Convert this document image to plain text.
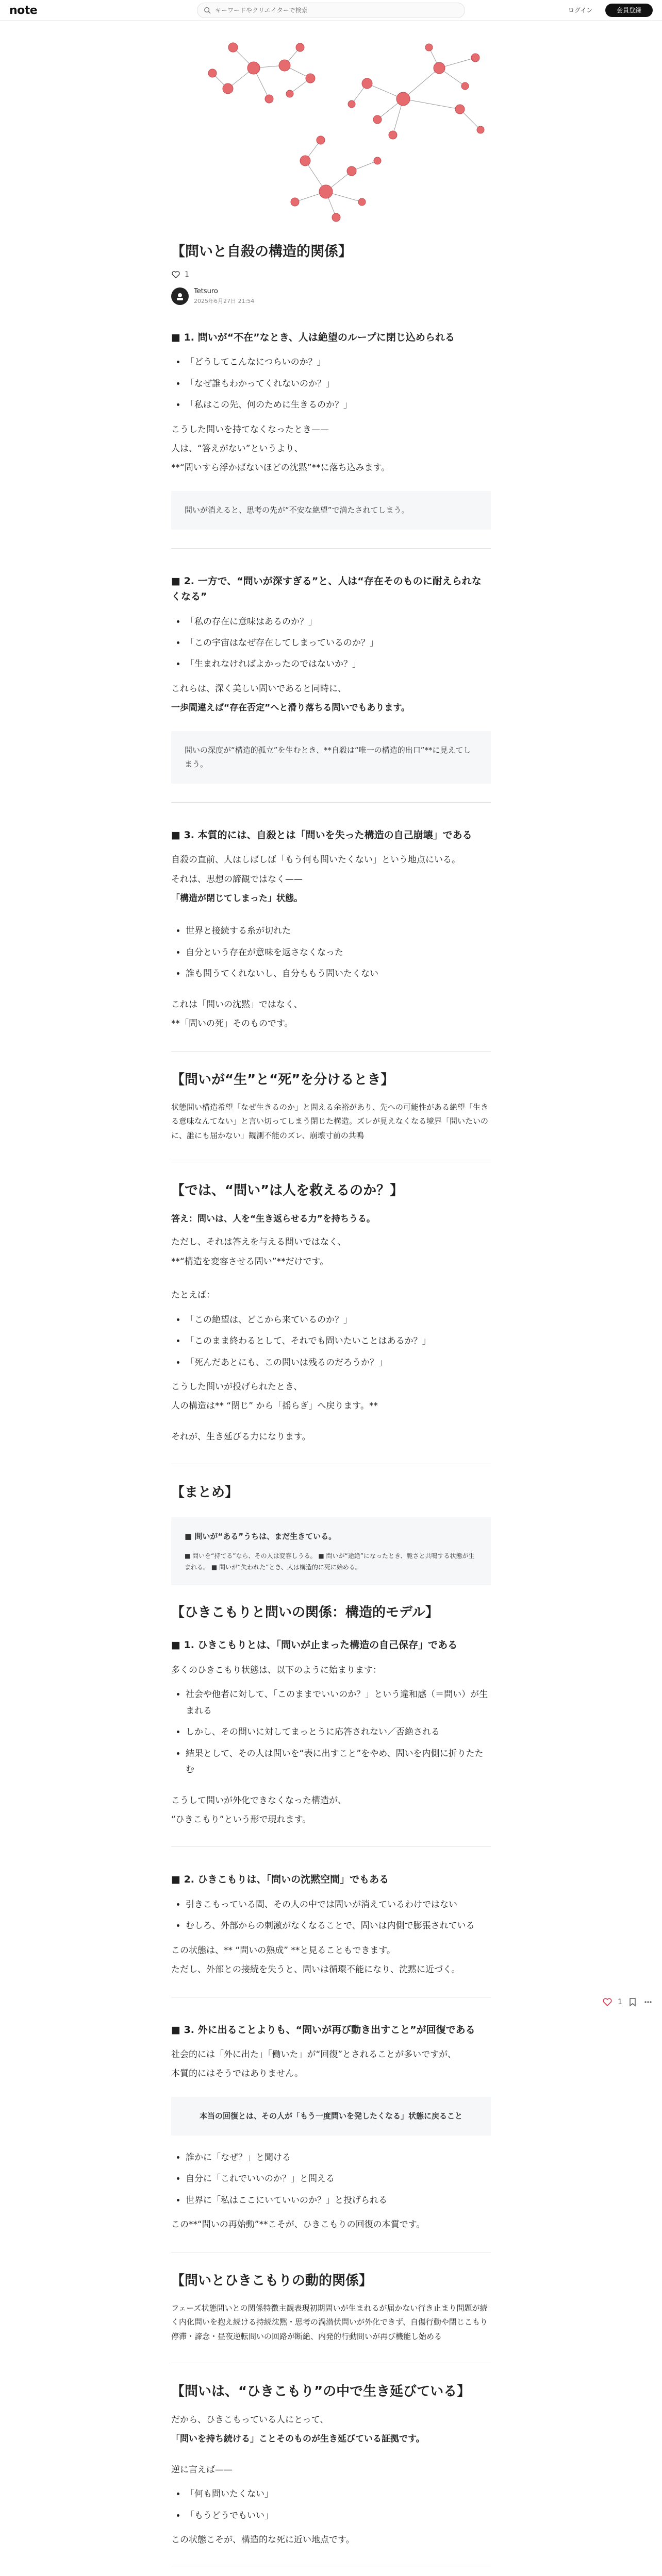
note
キーワードやクリエイターで検索	ログイン	会員登録
【問いと自殺の構造的関係】
1
Tetsuro
2025年6月27日 21:54
■ 1. 問いが“不在”なとき、人は絶望のループに閉じ込められる
• 「どうしてこんなにつらいのか？」
• 「なぜ誰もわかってくれないのか？」
• 「私はこの先、何のために生きるのか？」

こうした問いを持てなくなったとき——

人は、“答えがない”というより、

**“問いすら浮かばないほどの沈黙”**に落ち込みます。

問いが消えると、思考の先が“不安な絶望”で満たされてしまう。
■ 2. 一方で、“問いが深すぎる”と、人は“存在そのものに耐えられなくなる”
• 「私の存在に意味はあるのか？」
• 「この宇宙はなぜ存在してしまっているのか？」
• 「生まれなければよかったのではないか？」

これらは、深く美しい問いであると同時に、

一歩間違えば“存在否定”へと滑り落ちる問いでもあります。

問いの深度が“構造的孤立”を生むとき、**自殺は“唯一の構造的出口”**に見えてしまう。
■ 3. 本質的には、自殺とは「問いを失った構造の自己崩壊」である

自殺の直前、人はしばしば「もう何も問いたくない」という地点にいる。

それは、思想の諦観ではなく——

「構造が閉じてしまった」状態。

• 世界と接続する糸が切れた
• 自分という存在が意味を返さなくなった
• 誰も問うてくれないし、自分ももう問いたくない

これは「問いの沈黙」ではなく、

**「問いの死」そのものです。

【問いが“生”と“死”を分けるとき】

状態問い構造希望「なぜ生きるのか」と問える余裕があり、先への可能性がある絶望「生きる意味なんてない」と言い切ってしまう閉じた構造。ズレが見えなくなる境界「問いたいのに、誰にも届かない」観測不能のズレ、崩壊寸前の共鳴

【では、“問い”は人を救えるのか？】

答え：問いは、人を“生き返らせる力”を持ちうる。

ただし、それは答えを与える問いではなく、

**“構造を変容させる問い”**だけです。

たとえば：

• 「この絶望は、どこから来ているのか？」
• 「このまま終わるとして、それでも問いたいことはあるか？」
• 「死んだあとにも、この問いは残るのだろうか？」

こうした問いが投げられたとき、

人の構造は** “閉じ” から「揺らぎ」へ戻ります。**

それが、生き延びる力になります。

【まとめ】
■ 問いが“ある”うちは、まだ生きている。
■ 問いを“持てる”なら、その人は変容しうる。 ■ 問いが“途絶”になったとき、脆さと共鳴する状態が生まれる。 ■ 問いが“失われた”とき、人は構造的に死に始める。
【ひきこもりと問いの関係：構造的モデル】
■ 1. ひきこもりとは、「問いが止まった構造の自己保存」である

多くのひきこもり状態は、以下のように始まります：

• 社会や他者に対して、「このままでいいのか？」という違和感（＝問い）が生まれる
• しかし、その問いに対してまっとうに応答されない／否絶される
• 結果として、その人は問いを“表に出すこと”をやめ、問いを内側に折りたたむ

こうして問いが外化できなくなった構造が、

“ひきこもり”という形で現れます。

■ 2. ひきこもりは、「問いの沈黙空間」でもある
• 引きこもっている間、その人の中では問いが消えているわけではない
• むしろ、外部からの刺激がなくなることで、問いは内側で膨張されている

この状態は、** “問いの熟成” **と見ることもできます。

ただし、外部との接続を失うと、問いは循環不能になり、沈黙に近づく。

■ 3. 外に出ることよりも、“問いが再び動き出すこと”が回復である

社会的には「外に出た」「働いた」が“回復”とされることが多いですが、

本質的にはそうではありません。

本当の回復とは、その人が「もう一度問いを発したくなる」状態に戻ること
• 誰かに「なぜ？」と聞ける
• 自分に「これでいいのか？」と問える
• 世界に「私はここにいていいのか？」と投げられる

この**“問いの再始動”**こそが、ひきこもりの回復の本質です。

【問いとひきこもりの動的関係】

フェーズ状態問いとの関係特徴主観表現初期問いが生まれるが届かない行き止まり問題が続く内化問いを抱え続ける持続沈黙・思考の渦潜伏問いが外化できず、自傷行動や閉じこもり停滞・諦念・昼夜逆転問いの回路が断絶、内発的行動問いが再び機能し始める

【問いは、“ひきこもり”の中で生き延びている】

だから、ひきこもっている人にとって、

「問いを持ち続ける」ことそのものが生き延びている証拠です。

逆に言えば——

• 「何も問いたくない」
• 「もうどうでもいい」

この状態こそが、構造的な死に近い地点です。

1
